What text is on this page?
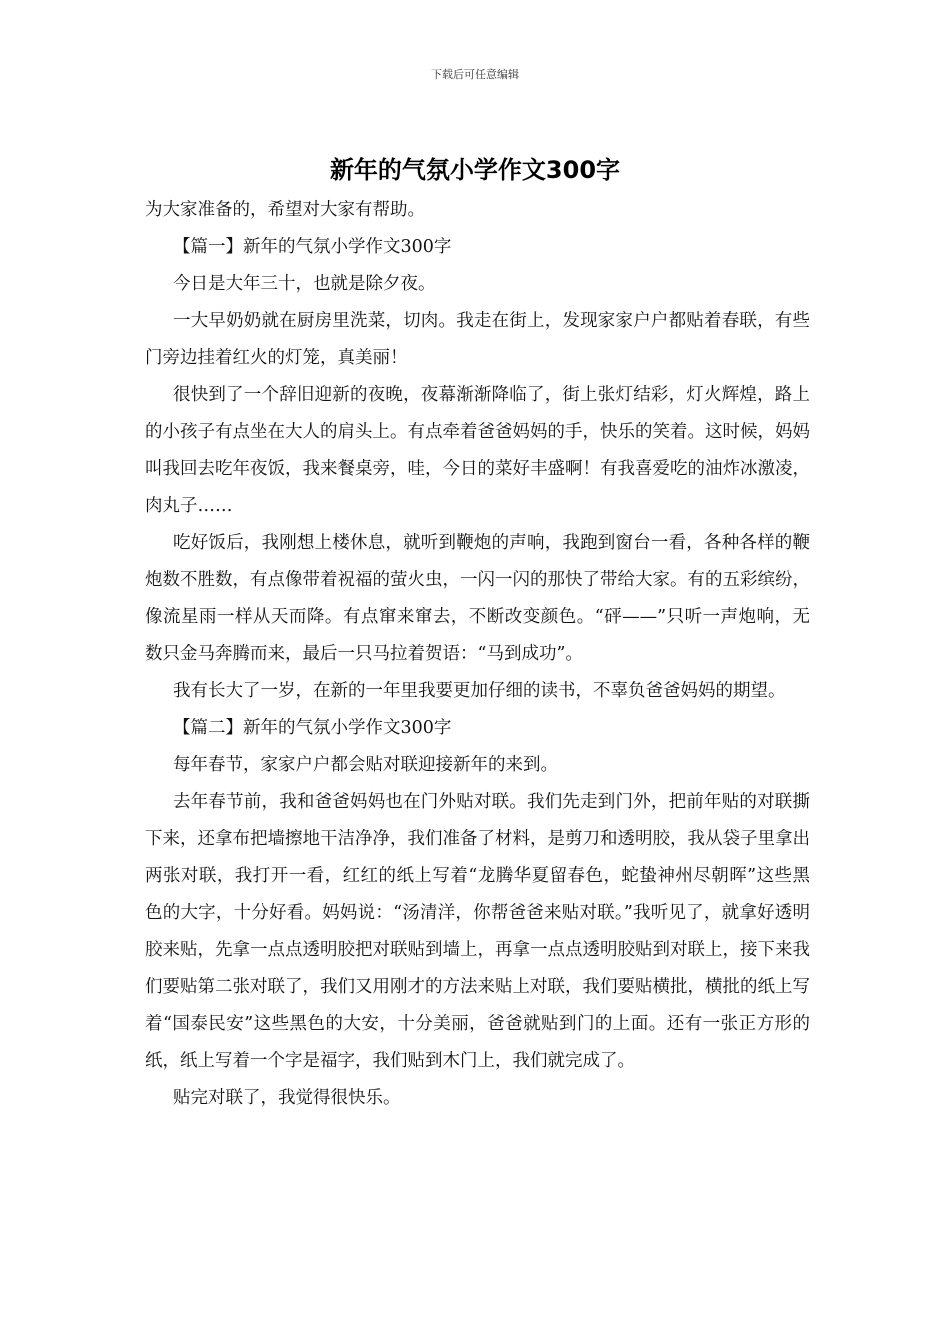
下载后可任意编辑
新年的气氛小学作文300字

为大家准备的，希望对大家有帮助。

【篇一】新年的气氛小学作文300字

今日是大年三十，也就是除夕夜。

一大早奶奶就在厨房里洗菜，切肉。我走在街上，发现家家户户都贴着春联，有些门旁边挂着红火的灯笼，真美丽！

很快到了一个辞旧迎新的夜晚，夜幕渐渐降临了，街上张灯结彩，灯火辉煌，路上的小孩子有点坐在大人的肩头上。有点牵着爸爸妈妈的手，快乐的笑着。这时候，妈妈叫我回去吃年夜饭，我来餐桌旁，哇，今日的菜好丰盛啊！有我喜爱吃的油炸冰激凌，肉丸子……

吃好饭后，我刚想上楼休息，就听到鞭炮的声响，我跑到窗台一看，各种各样的鞭炮数不胜数，有点像带着祝福的萤火虫，一闪一闪的那快了带给大家。有的五彩缤纷，像流星雨一样从天而降。有点窜来窜去，不断改变颜色。“砰——”只听一声炮响，无数只金马奔腾而来，最后一只马拉着贺语：“马到成功”。

我有长大了一岁，在新的一年里我要更加仔细的读书，不辜负爸爸妈妈的期望。

【篇二】新年的气氛小学作文300字

每年春节，家家户户都会贴对联迎接新年的来到。

去年春节前，我和爸爸妈妈也在门外贴对联。我们先走到门外，把前年贴的对联撕下来，还拿布把墙擦地干洁净净，我们准备了材料，是剪刀和透明胶，我从袋子里拿出两张对联，我打开一看，红红的纸上写着“龙腾华夏留春色，蛇蛰神州尽朝晖”这些黑色的大字，十分好看。妈妈说：“汤清洋，你帮爸爸来贴对联。”我听见了，就拿好透明胶来贴，先拿一点点透明胶把对联贴到墙上，再拿一点点透明胶贴到对联上，接下来我们要贴第二张对联了，我们又用刚才的方法来贴上对联，我们要贴横批，横批的纸上写着“国泰民安”这些黑色的大安，十分美丽，爸爸就贴到门的上面。还有一张正方形的纸，纸上写着一个字是福字，我们贴到木门上，我们就完成了。

贴完对联了，我觉得很快乐。
